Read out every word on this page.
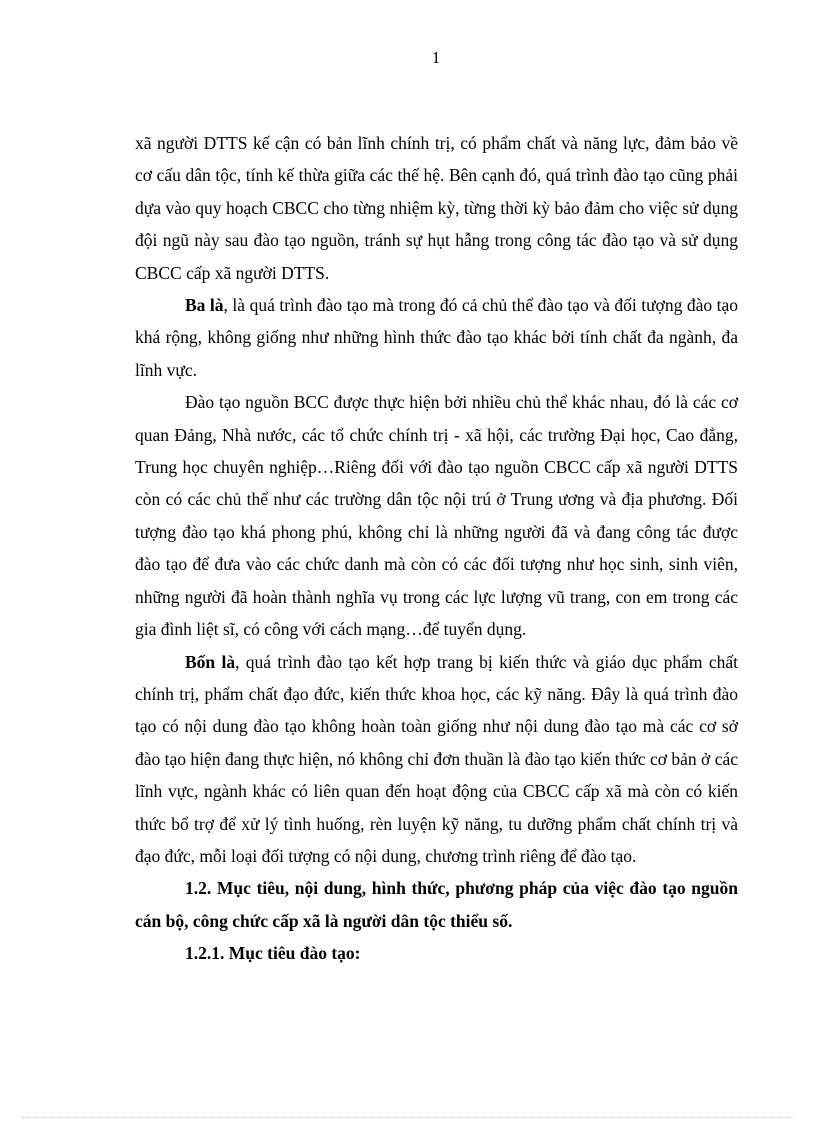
1

xã người DTTS kế cận có bản lĩnh chính trị, có phẩm chất và năng lực, đảm bảo về cơ cấu dân tộc, tính kế thừa giữa các thế hệ. Bên cạnh đó, quá trình đào tạo cũng phải dựa vào quy hoạch CBCC cho từng nhiệm kỳ, từng thời kỳ bảo đảm cho việc sử dụng đội ngũ này sau đào tạo nguồn, tránh sự hụt hẫng trong công tác đào tạo và sử dụng CBCC cấp xã người DTTS.

Ba là, là quá trình đào tạo mà trong đó cả chủ thể đào tạo và đối tượng đào tạo khá rộng, không giống như những hình thức đào tạo khác bởi tính chất đa ngành, đa lĩnh vực.

Đào tạo nguồn BCC được thực hiện bởi nhiều chủ thể khác nhau, đó là các cơ quan Đảng, Nhà nước, các tổ chức chính trị - xã hội, các trường Đại học, Cao đẳng, Trung học chuyên nghiệp…Riêng đối với đào tạo nguồn CBCC cấp xã người DTTS còn có các chủ thể như các trường dân tộc nội trú ở Trung ương và địa phương. Đối tượng đào tạo khá phong phú, không chỉ là những người đã và đang công tác được đào tạo để đưa vào các chức danh mà còn có các đối tượng như học sinh, sinh viên, những người đã hoàn thành nghĩa vụ trong các lực lượng vũ trang, con em trong các gia đình liệt sĩ, có công với cách mạng…để tuyển dụng.

Bốn là, quá trình đào tạo kết hợp trang bị kiến thức và giáo dục phẩm chất chính trị, phẩm chất đạo đức, kiến thức khoa học, các kỹ năng. Đây là quá trình đào tạo có nội dung đào tạo không hoàn toàn giống như nội dung đào tạo mà các cơ sở đào tạo hiện đang thực hiện, nó không chỉ đơn thuần là đào tạo kiến thức cơ bản ở các lĩnh vực, ngành khác có liên quan đến hoạt động của CBCC cấp xã mà còn có kiến thức bổ trợ để xử lý tình huống, rèn luyện kỹ năng, tu dưỡng phẩm chất chính trị và đạo đức, mỗi loại đối tượng có nội dung, chương trình riêng để đào tạo.

1.2. Mục tiêu, nội dung, hình thức, phương pháp của việc đào tạo nguồn cán bộ, công chức cấp xã là người dân tộc thiểu số.

1.2.1. Mục tiêu đào tạo:
